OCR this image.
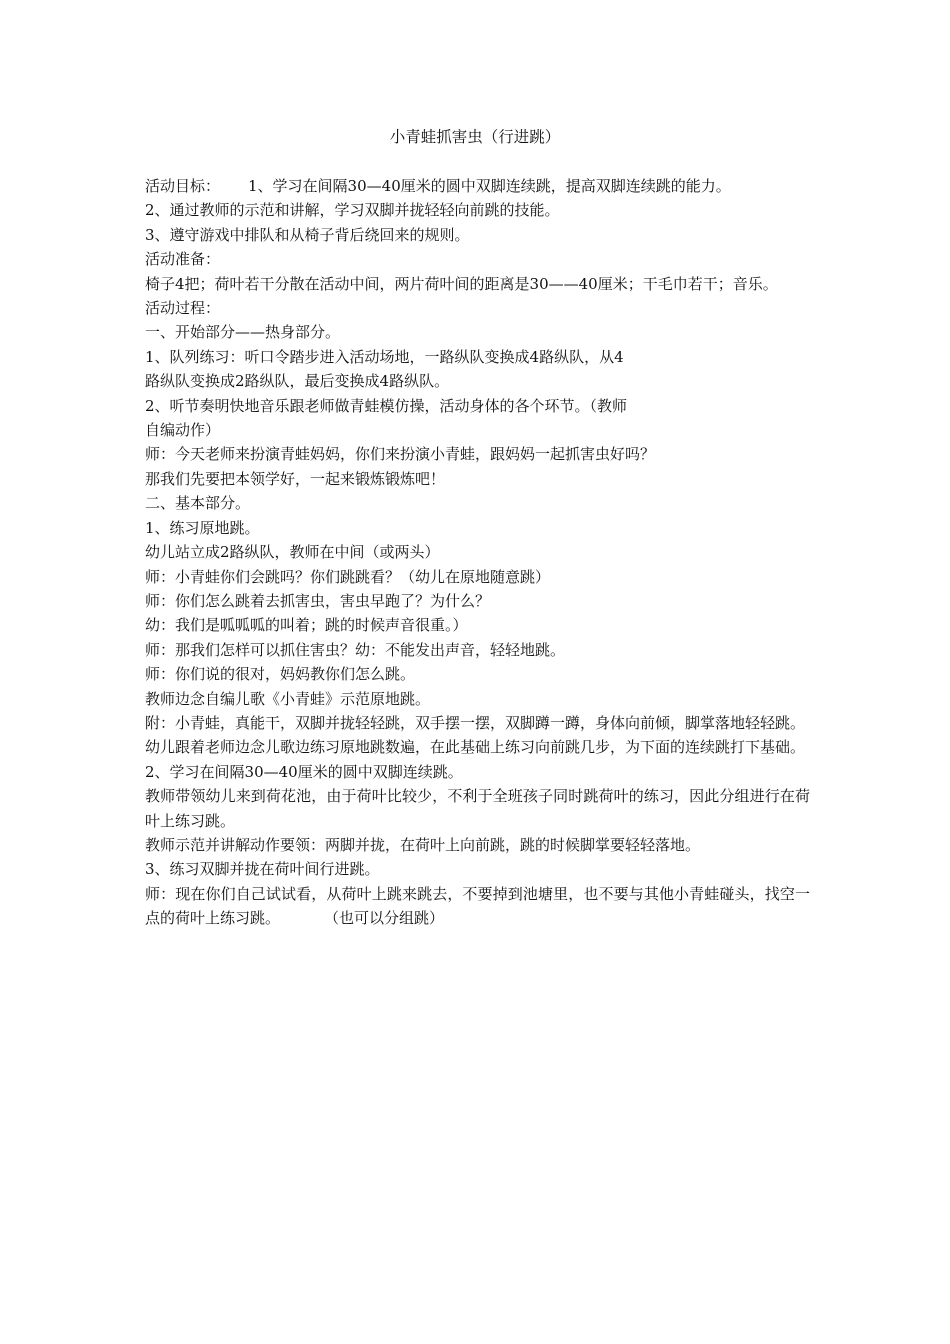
小青蛙抓害虫（行进跳）
活动目标： 1、学习在间隔30—40厘米的圆中双脚连续跳，提高双脚连续跳的能力。
2、通过教师的示范和讲解，学习双脚并拢轻轻向前跳的技能。
3、遵守游戏中排队和从椅子背后绕回来的规则。
活动准备：
椅子4把；荷叶若干分散在活动中间，两片荷叶间的距离是30——40厘米；干毛巾若干；音乐。
活动过程：
一、开始部分——热身部分。
1、队列练习：听口令踏步进入活动场地，一路纵队变换成4路纵队，从4
路纵队变换成2路纵队，最后变换成4路纵队。
2、听节奏明快地音乐跟老师做青蛙模仿操，活动身体的各个环节。（教师
自编动作）
师：今天老师来扮演青蛙妈妈，你们来扮演小青蛙，跟妈妈一起抓害虫好吗？
那我们先要把本领学好，一起来锻炼锻炼吧！
二、基本部分。
1、练习原地跳。
幼儿站立成2路纵队，教师在中间（或两头）
师：小青蛙你们会跳吗？你们跳跳看？（幼儿在原地随意跳）
师：你们怎么跳着去抓害虫，害虫早跑了？为什么？
幼：我们是呱呱呱的叫着；跳的时候声音很重。）
师：那我们怎样可以抓住害虫？幼：不能发出声音，轻轻地跳。
师：你们说的很对，妈妈教你们怎么跳。
教师边念自编儿歌《小青蛙》示范原地跳。
附：小青蛙，真能干，双脚并拢轻轻跳，双手摆一摆，双脚蹲一蹲，身体向前倾，脚掌落地轻轻跳。
幼儿跟着老师边念儿歌边练习原地跳数遍，在此基础上练习向前跳几步，为下面的连续跳打下基础。
2、学习在间隔30—40厘米的圆中双脚连续跳。
教师带领幼儿来到荷花池，由于荷叶比较少，不利于全班孩子同时跳荷叶的练习，因此分组进行在荷叶上练习跳。
教师示范并讲解动作要领：两脚并拢，在荷叶上向前跳，跳的时候脚掌要轻轻落地。
3、练习双脚并拢在荷叶间行进跳。
师：现在你们自己试试看，从荷叶上跳来跳去，不要掉到池塘里，也不要与其他小青蛙碰头，找空一点的荷叶上练习跳。	（也可以分组跳）
